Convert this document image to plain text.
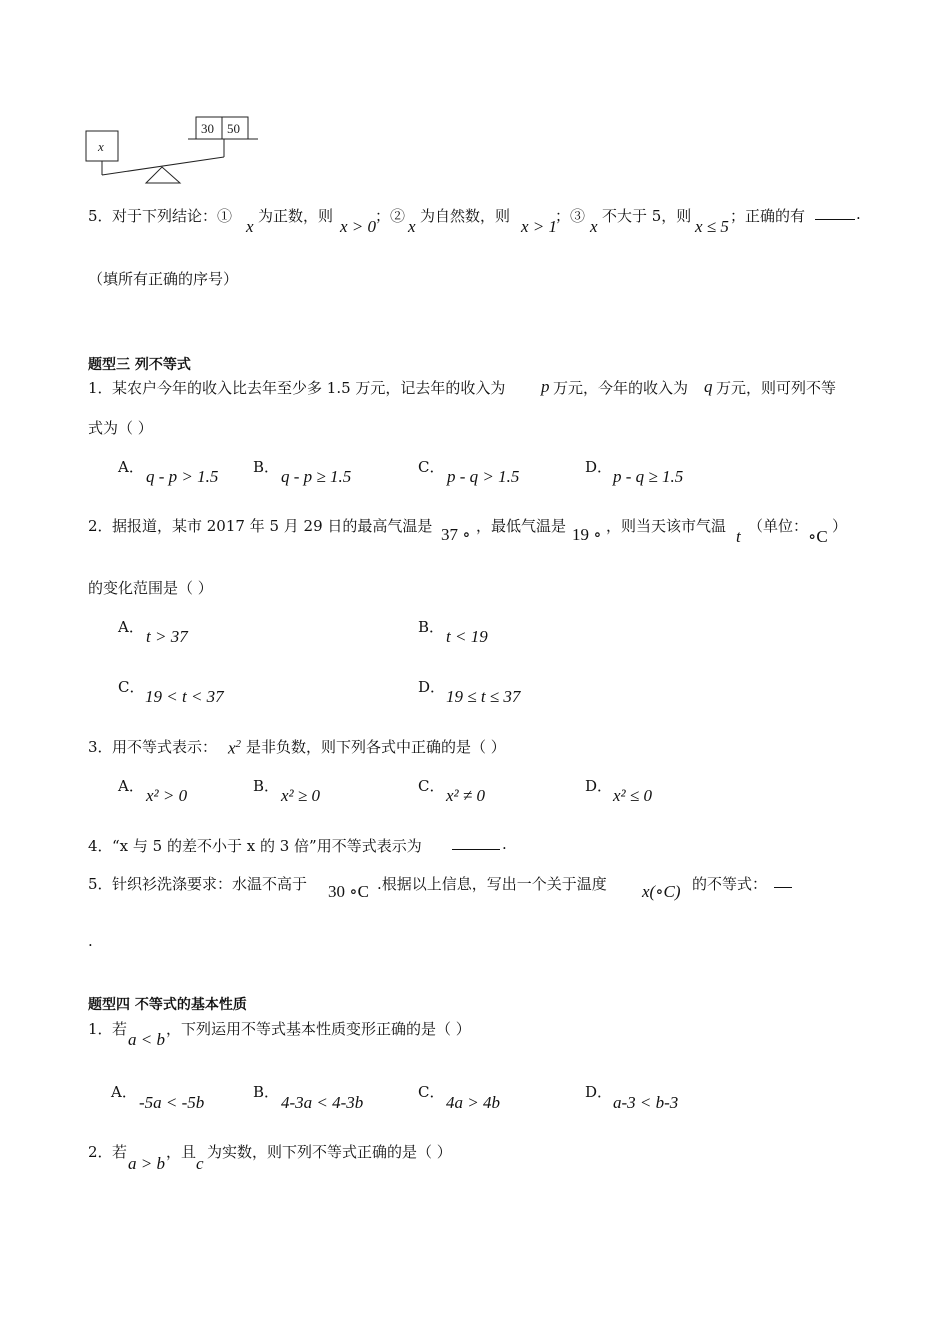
x
30 50
5． 对于下列结论：①
x
为正数，则
x > 0
；②
x
为自然数，则
x > 1
；③
x
不大于 5，则
x ≤ 5
；正确的有	.
（填所有正确的序号）
题型三 列不等式
1． 某农户今年的收入比去年至少多 1.5 万元，记去年的收入为 p 万元，今年的收入为 q 万元，则可列不等
式为（ ）
A． q - p > 1.5 B． q - p ≥ 1.5	C． p - q > 1.5	D． p - q ≥ 1.5
2． 据报道，某市 2017 年 5 月 29 日的最高气温是 37 ∘ ，最低气温是 19 ∘ ，则当天该市气温
t
（单位：
∘C
）
的变化范围是（ ）
A． t > 37	B． t < 19
C． 19 < t < 37	D． 19 ≤ t ≤ 37
3． 用不等式表示： $x^2$ 是非负数，则下列各式中正确的是（ ）
A． x² > 0	B． x² ≥ 0	C． x² ≠ 0	D． x² ≤ 0
4． “x 与 5 的差不小于 x 的 3 倍”用不等式表示为	.
5． 针织衫洗涤要求：水温不高于 30 ∘C .根据以上信息，写出一个关于温度 x(∘C) 的不等式：
.
题型四 不等式的基本性质
1． 若
a < b
，下列运用不等式基本性质变形正确的是（ ）
A．
-5a < -5b
B．
4-3a < 4-3b
C．
4a > 4b
D．
a-3 < b-3
2． 若
a > b
，且
c
为实数，则下列不等式正确的是（ ）
